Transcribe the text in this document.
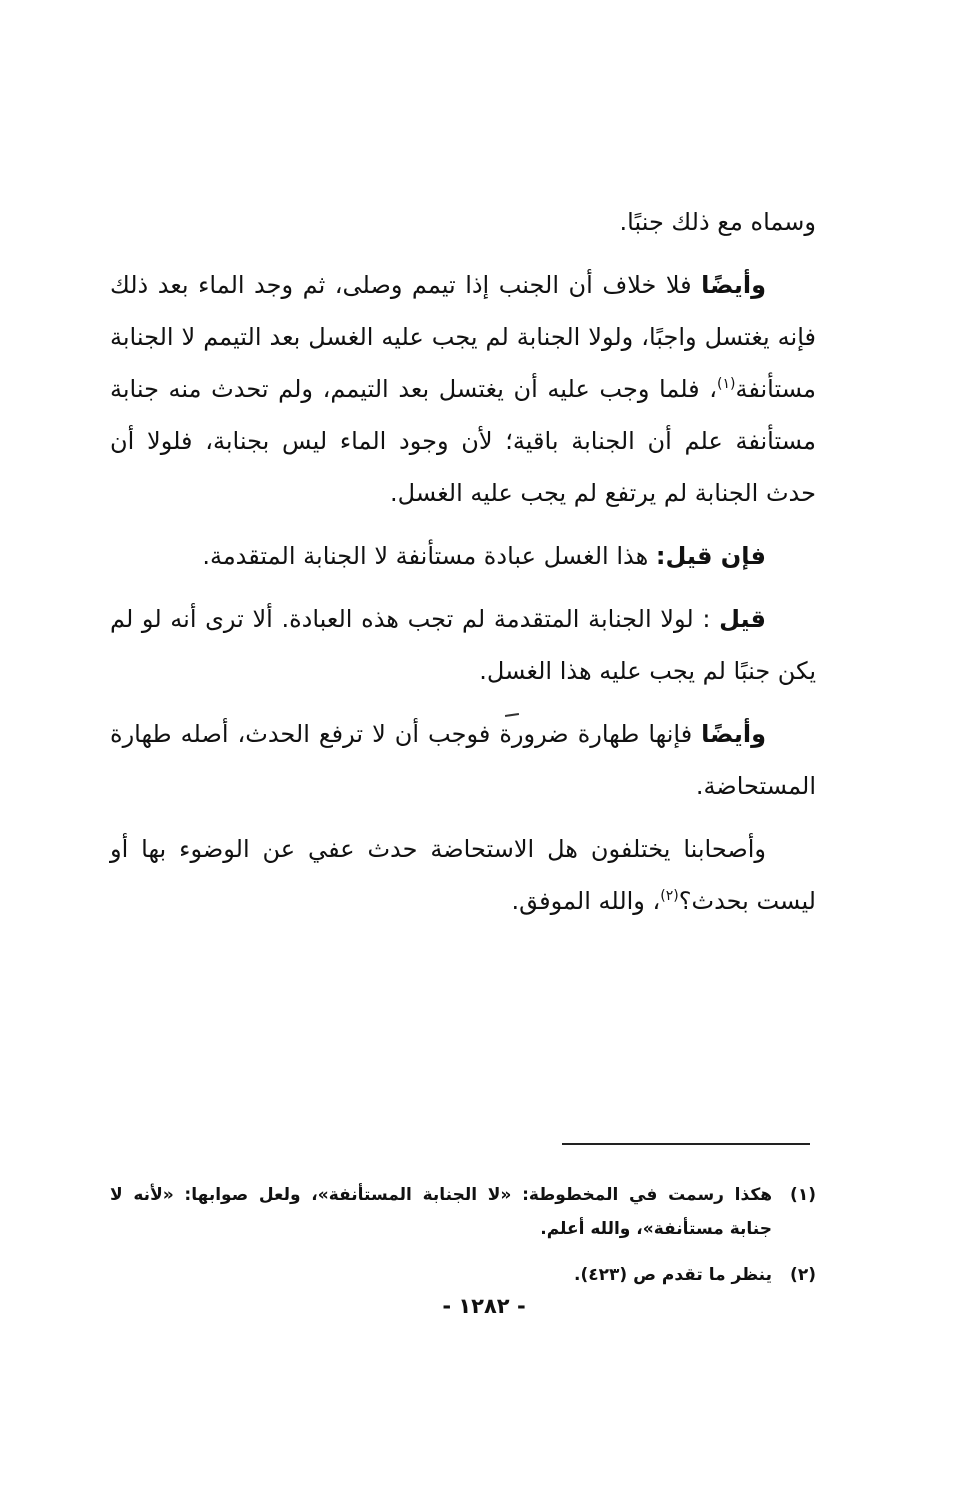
وسماه مع ذلك جنبًا.

وأيضًا فلا خلاف أن الجنب إذا تيمم وصلى، ثم وجد الماء بعد ذلك فإنه يغتسل واجبًا، ولولا الجنابة لم يجب عليه الغسل بعد التيمم لا الجنابة مستأنفة$^{(١)}$، فلما وجب عليه أن يغتسل بعد التيمم، ولم تحدث منه جنابة مستأنفة علم أن الجنابة باقية؛ لأن وجود الماء ليس بجنابة، فلولا أن حدث الجنابة لم يرتفع لم يجب عليه الغسل.

فإن قيل: هذا الغسل عبادة مستأنفة لا الجنابة المتقدمة.

قيل : لولا الجنابة المتقدمة لم تجب هذه العبادة. ألا ترى أنه لو لم يكن جنبًا لم يجب عليه هذا الغسل.

وأيضًا فإنها طهارة ضرورة فوجب أن لا ترفع الحدث، أصله طهارة المستحاضة.

وأصحابنا يختلفون هل الاستحاضة حدث عفي عن الوضوء بها أو ليست بحدث؟$^{(٢)}$، والله الموفق.

(١)
هكذا رسمت في المخطوطة: «لا الجنابة المستأنفة»، ولعل صوابها: «لأنه لا جنابة مستأنفة»، والله أعلم.
(٢)
ينظر ما تقدم ص (٤٢٣).
- ١٢٨٢ -
